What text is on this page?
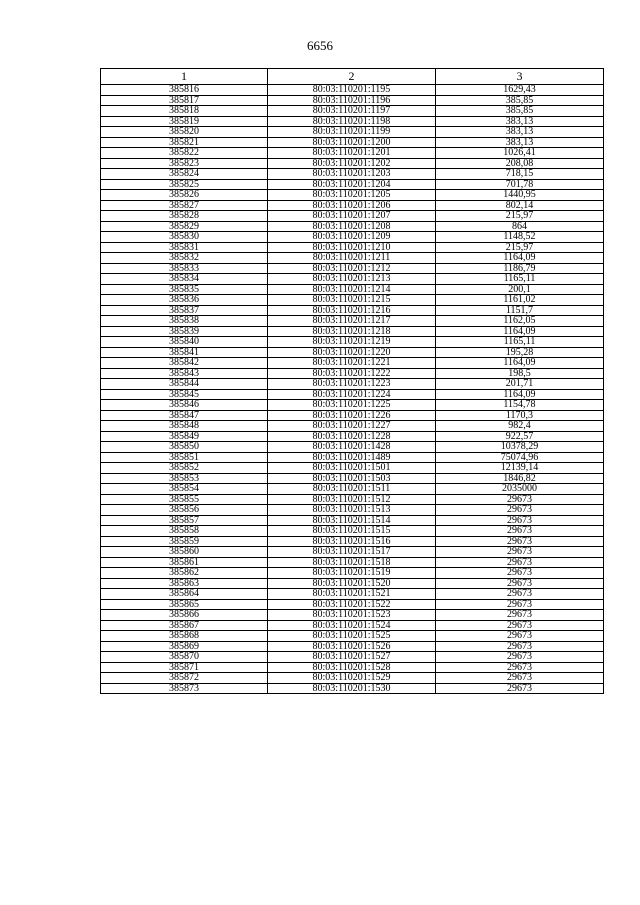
6656
1	2	3
385816	80:03:110201:1195	1629,43
385817	80:03:110201:1196	385,85
385818	80:03:110201:1197	385,85
385819	80:03:110201:1198	383,13
385820	80:03:110201:1199	383,13
385821	80:03:110201:1200	383,13
385822	80:03:110201:1201	1026,41
385823	80:03:110201:1202	208,08
385824	80:03:110201:1203	718,15
385825	80:03:110201:1204	701,78
385826	80:03:110201:1205	1440,95
385827	80:03:110201:1206	802,14
385828	80:03:110201:1207	215,97
385829	80:03:110201:1208	864
385830	80:03:110201:1209	1148,52
385831	80:03:110201:1210	215,97
385832	80:03:110201:1211	1164,09
385833	80:03:110201:1212	1186,79
385834	80:03:110201:1213	1165,11
385835	80:03:110201:1214	200,1
385836	80:03:110201:1215	1161,02
385837	80:03:110201:1216	1151,7
385838	80:03:110201:1217	1162,05
385839	80:03:110201:1218	1164,09
385840	80:03:110201:1219	1165,11
385841	80:03:110201:1220	195,28
385842	80:03:110201:1221	1164,09
385843	80:03:110201:1222	198,5
385844	80:03:110201:1223	201,71
385845	80:03:110201:1224	1164,09
385846	80:03:110201:1225	1154,78
385847	80:03:110201:1226	1170,3
385848	80:03:110201:1227	982,4
385849	80:03:110201:1228	922,57
385850	80:03:110201:1428	10378,29
385851	80:03:110201:1489	75074,96
385852	80:03:110201:1501	12139,14
385853	80:03:110201:1503	1846,82
385854	80:03:110201:1511	2035000
385855	80:03:110201:1512	29673
385856	80:03:110201:1513	29673
385857	80:03:110201:1514	29673
385858	80:03:110201:1515	29673
385859	80:03:110201:1516	29673
385860	80:03:110201:1517	29673
385861	80:03:110201:1518	29673
385862	80:03:110201:1519	29673
385863	80:03:110201:1520	29673
385864	80:03:110201:1521	29673
385865	80:03:110201:1522	29673
385866	80:03:110201:1523	29673
385867	80:03:110201:1524	29673
385868	80:03:110201:1525	29673
385869	80:03:110201:1526	29673
385870	80:03:110201:1527	29673
385871	80:03:110201:1528	29673
385872	80:03:110201:1529	29673
385873	80:03:110201:1530	29673
